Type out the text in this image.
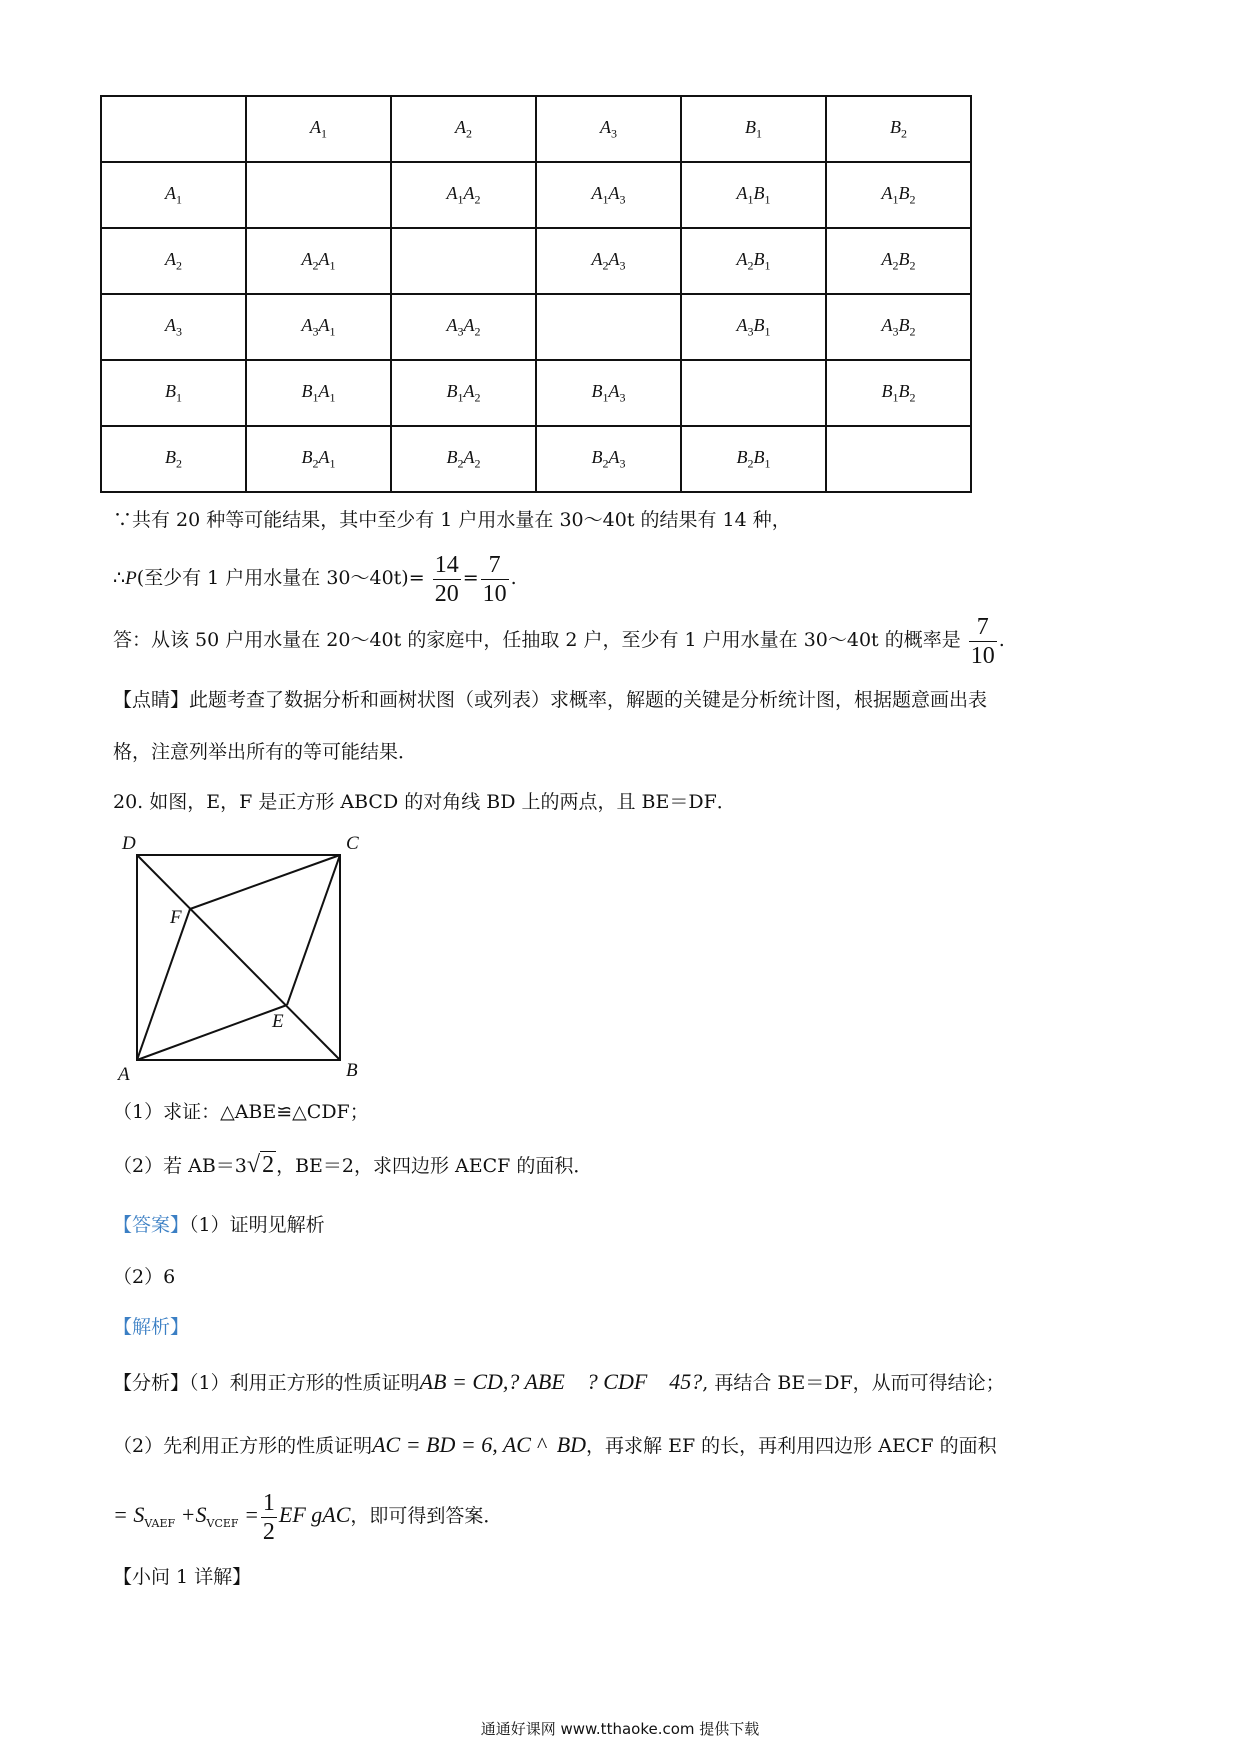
	$A_1$	$A_2$	$A_3$	$B_1$	$B_2$
$A_1$		$A_1A_2$	$A_1A_3$	$A_1B_1$	$A_1B_2$
$A_2$	$A_2A_1$		$A_2A_3$	$A_2B_1$	$A_2B_2$
$A_3$	$A_3A_1$	$A_3A_2$		$A_3B_1$	$A_3B_2$
$B_1$	$B_1A_1$	$B_1A_2$	$B_1A_3$		$B_1B_2$
$B_2$	$B_2A_1$	$B_2A_2$	$B_2A_3$	$B_2B_1$	
∵共有 20 种等可能结果，其中至少有 1 户用水量在 30～40t 的结果有 14 种，
∴P(至少有 1 户用水量在 30～40t)= $\frac{14}{20} = \frac{7}{10}$ .
答：从该 50 户用水量在 20～40t 的家庭中，任抽取 2 户，至少有 1 户用水量在 30～40t 的概率是 $\frac{7}{10}$ .
【点睛】此题考查了数据分析和画树状图（或列表）求概率，解题的关键是分析统计图，根据题意画出表
格，注意列举出所有的等可能结果．
20. 如图，E，F 是正方形 ABCD 的对角线 BD 上的两点，且 BE＝DF．
D	C
A	B
F
E
（1）求证：△ABE≌△CDF；
（2）若 AB＝3√2 ，BE＝2，求四边形 AECF 的面积．
【答案】（1）证明见解析
（2）6
【解析】
【分析】（1）利用正方形的性质证明AB = CD,? ABE    ? CDF    45?, 再结合 BE＝DF，从而可得结论；
（2）先利用正方形的性质证明AC = BD = 6, AC ^  BD，再求解 EF 的长，再利用四边形 AECF 的面积
= $S_{VAEF} +S_{VCEF} = \frac{1}{2}$ EF gAC，即可得到答案．
【小问 1 详解】
通通好课网 www.tthaoke.com 提供下载
